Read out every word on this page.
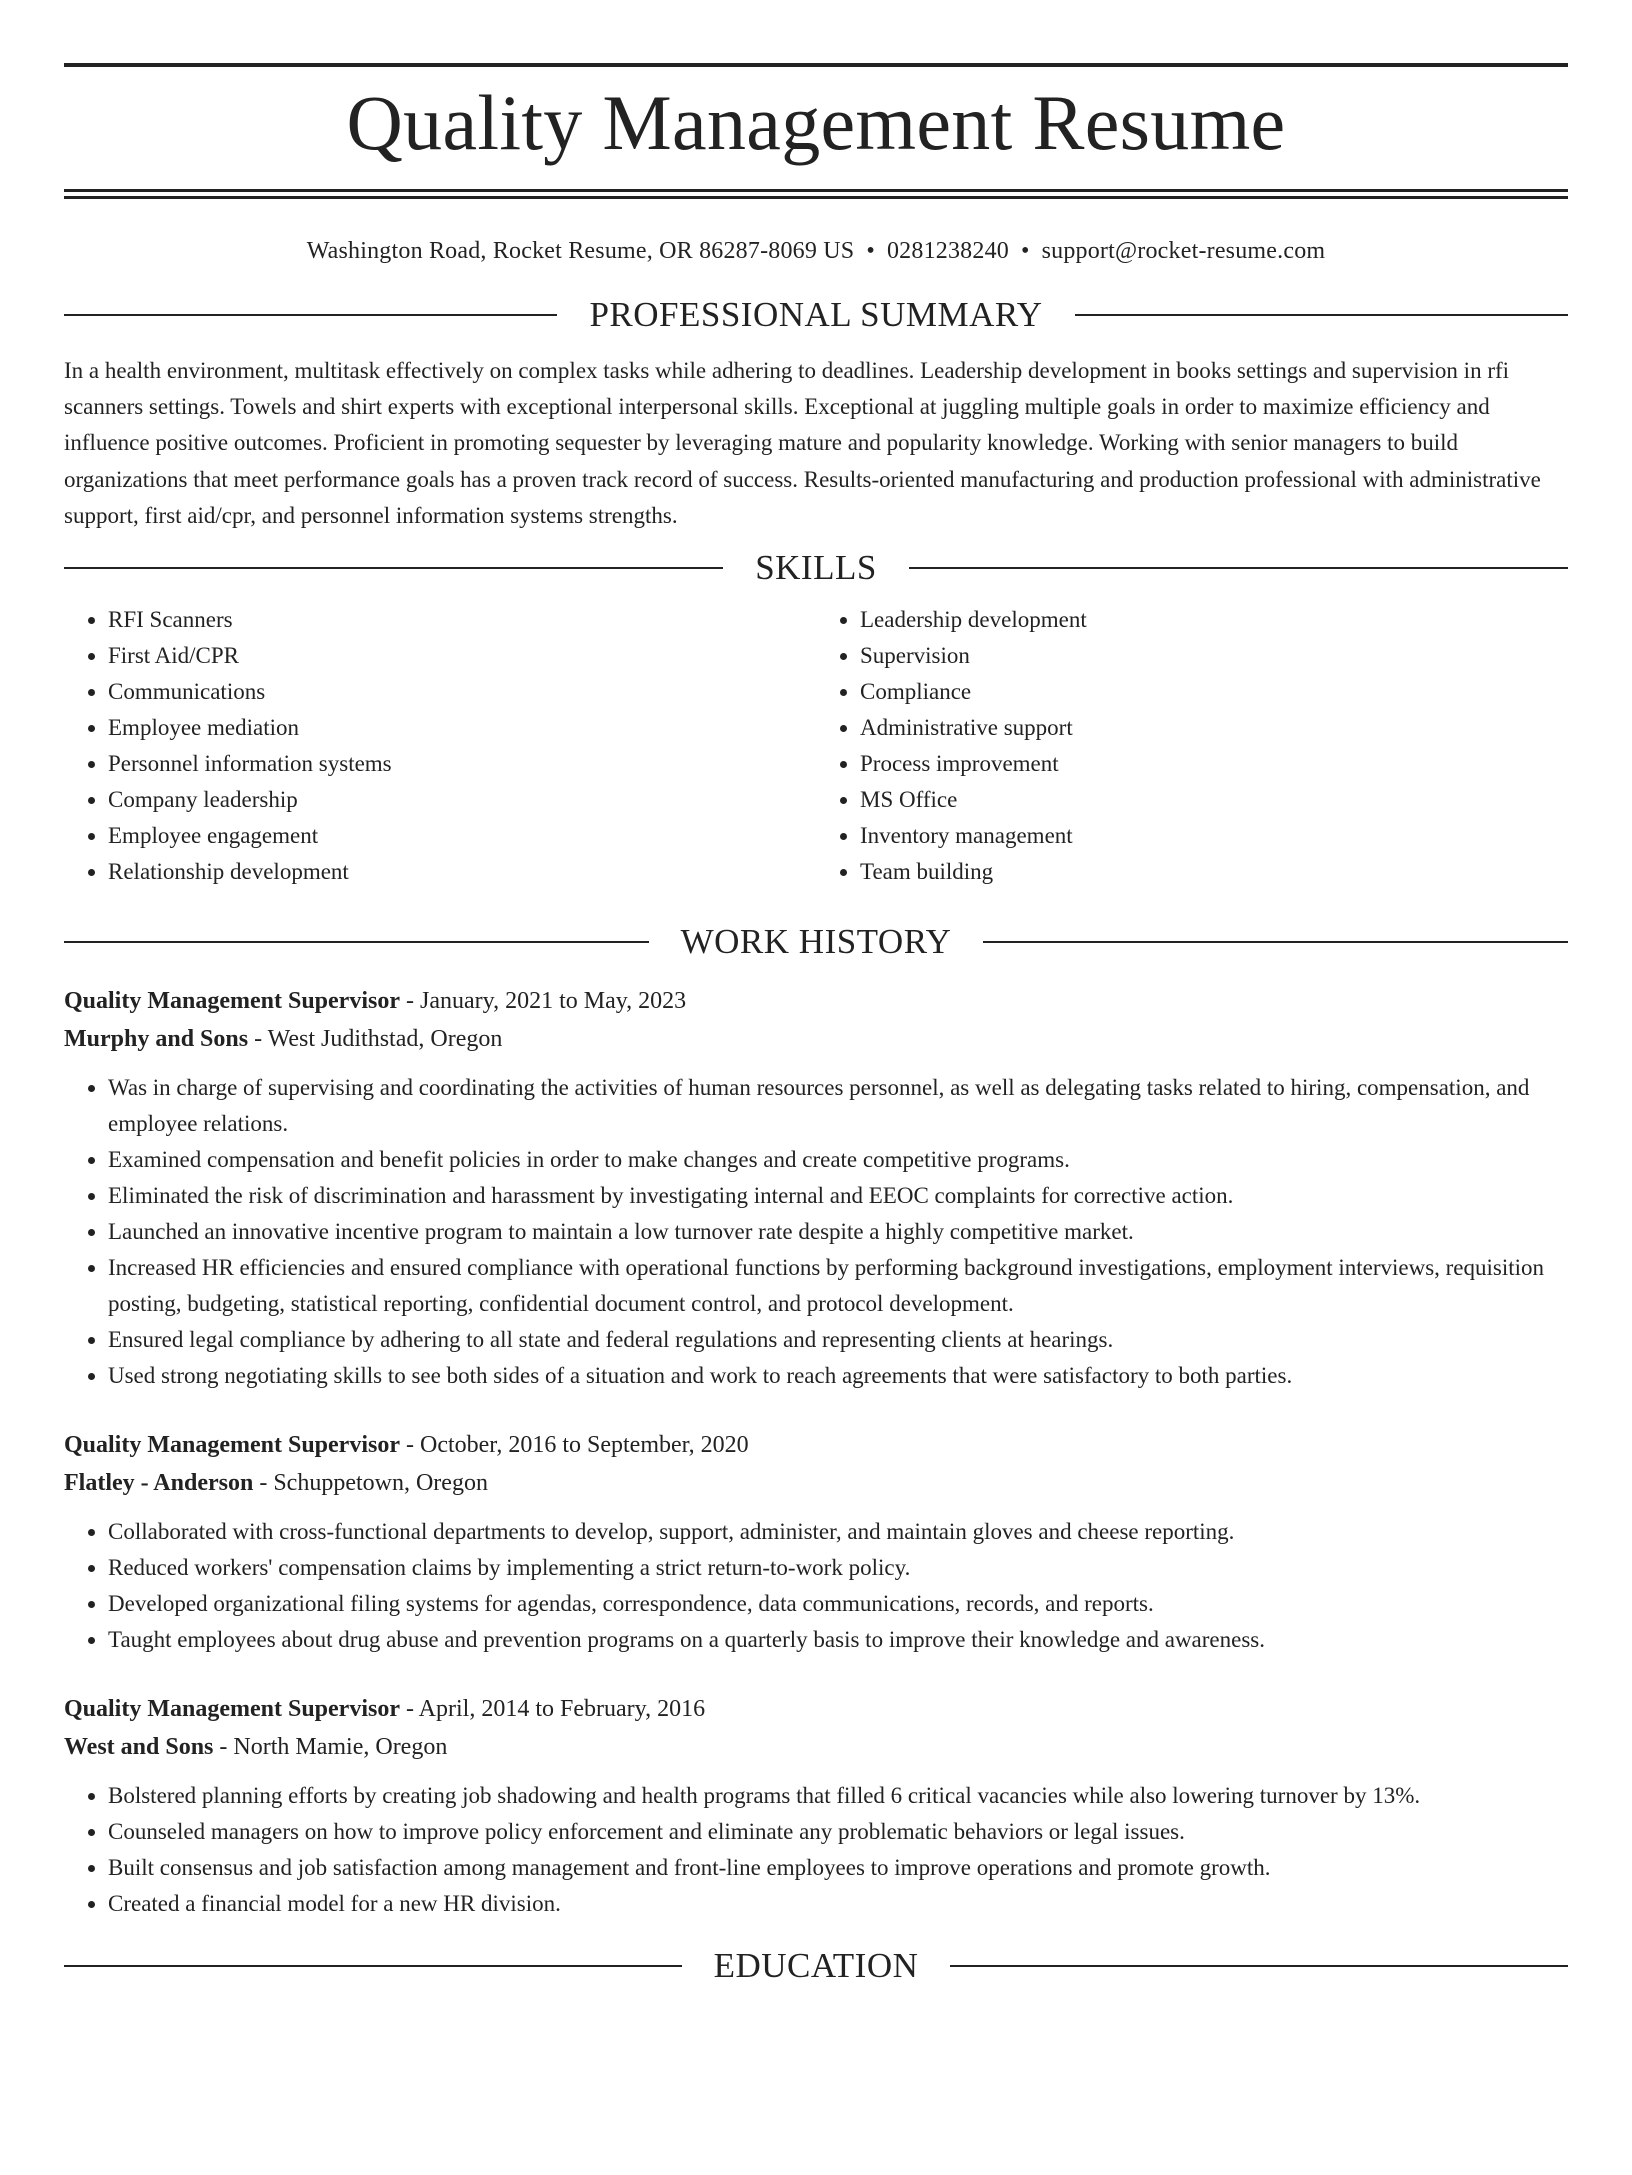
Quality Management Resume
Washington Road, Rocket Resume, OR 86287-8069 US • 0281238240 • support@rocket-resume.com
PROFESSIONAL SUMMARY

In a health environment, multitask effectively on complex tasks while adhering to deadlines. Leadership development in books settings and supervision in rfi scanners settings. Towels and shirt experts with exceptional interpersonal skills. Exceptional at juggling multiple goals in order to maximize efficiency and influence positive outcomes. Proficient in promoting sequester by leveraging mature and popularity knowledge. Working with senior managers to build organizations that meet performance goals has a proven track record of success. Results-oriented manufacturing and production professional with administrative support, first aid/cpr, and personnel information systems strengths.

SKILLS
• RFI Scanners
• First Aid/CPR
• Communications
• Employee mediation
• Personnel information systems
• Company leadership
• Employee engagement
• Relationship development
• Leadership development
• Supervision
• Compliance
• Administrative support
• Process improvement
• MS Office
• Inventory management
• Team building
WORK HISTORY
Quality Management Supervisor - January, 2021 to May, 2023
Murphy and Sons - West Judithstad, Oregon
• Was in charge of supervising and coordinating the activities of human resources personnel, as well as delegating tasks related to hiring, compensation, and employee relations.
• Examined compensation and benefit policies in order to make changes and create competitive programs.
• Eliminated the risk of discrimination and harassment by investigating internal and EEOC complaints for corrective action.
• Launched an innovative incentive program to maintain a low turnover rate despite a highly competitive market.
• Increased HR efficiencies and ensured compliance with operational functions by performing background investigations, employment interviews, requisition posting, budgeting, statistical reporting, confidential document control, and protocol development.
• Ensured legal compliance by adhering to all state and federal regulations and representing clients at hearings.
• Used strong negotiating skills to see both sides of a situation and work to reach agreements that were satisfactory to both parties.
Quality Management Supervisor - October, 2016 to September, 2020
Flatley - Anderson - Schuppetown, Oregon
• Collaborated with cross-functional departments to develop, support, administer, and maintain gloves and cheese reporting.
• Reduced workers' compensation claims by implementing a strict return-to-work policy.
• Developed organizational filing systems for agendas, correspondence, data communications, records, and reports.
• Taught employees about drug abuse and prevention programs on a quarterly basis to improve their knowledge and awareness.
Quality Management Supervisor - April, 2014 to February, 2016
West and Sons - North Mamie, Oregon
• Bolstered planning efforts by creating job shadowing and health programs that filled 6 critical vacancies while also lowering turnover by 13%.
• Counseled managers on how to improve policy enforcement and eliminate any problematic behaviors or legal issues.
• Built consensus and job satisfaction among management and front-line employees to improve operations and promote growth.
• Created a financial model for a new HR division.
EDUCATION
